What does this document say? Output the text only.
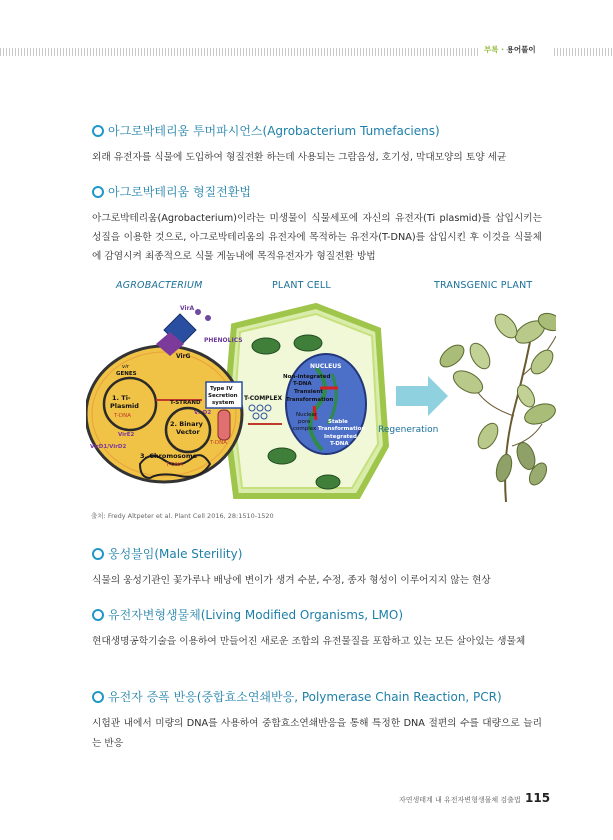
부록 · 용어풀이
아그로박테리움 투머파시언스(Agrobacterium Tumefaciens)

외래 유전자를 식물에 도입하여 형질전환 하는데 사용되는 그람음성, 호기성, 막대모양의 토양 세균

아그로박테리움 형질전환법

아그로박테리움(Agrobacterium)이라는 미생물이 식물세포에 자신의 유전자(Ti plasmid)를 삽입시키는 성질을 이용한 것으로, 아그로박테리움의 유전자에 목적하는 유전자(T-DNA)를 삽입시킨 후 이것을 식물체에 감염시켜 최종적으로 식물 게놈내에 목적유전자가 형질전환 방법

AGROBACTERIUM	PLANT CELL	TRANSGENIC PLANT
NUCLEUS
Non-integrated
T-DNA
Transient
Transformation
Nuclear
pore
complex
Stable
Transformation
Integrated
T-DNA
VirA
PHENOLICS
VirG
vir
GENES
1. Ti-
Plasmid
T-DNA
T-STRAND
VirD2
2. Binary
Vector
VirE2
VirD1/VirD2
T-DNA
3. Chromosome
T-DNA
Type IV
Secretion
system
T-COMPLEX
Regeneration
출처: Fredy Altpeter et al. Plant Cell 2016, 28:1510-1520
웅성불임(Male Sterility)

식물의 웅성기관인 꽃가루나 배낭에 변이가 생겨 수분, 수정, 종자 형성이 이루어지지 않는 현상

유전자변형생물체(Living Modified Organisms, LMO)

현대생명공학기술을 이용하여 만들어진 새로운 조합의 유전물질을 포함하고 있는 모든 살아있는 생물체

유전자 증폭 반응(중합효소연쇄반응, Polymerase Chain Reaction, PCR)

시험관 내에서 미량의 DNA를 사용하여 중합효소연쇄반응을 통해 특정한 DNA 절편의 수를 대량으로 늘리는 반응

자연생태계 내 유전자변형생물체 검출법 115
